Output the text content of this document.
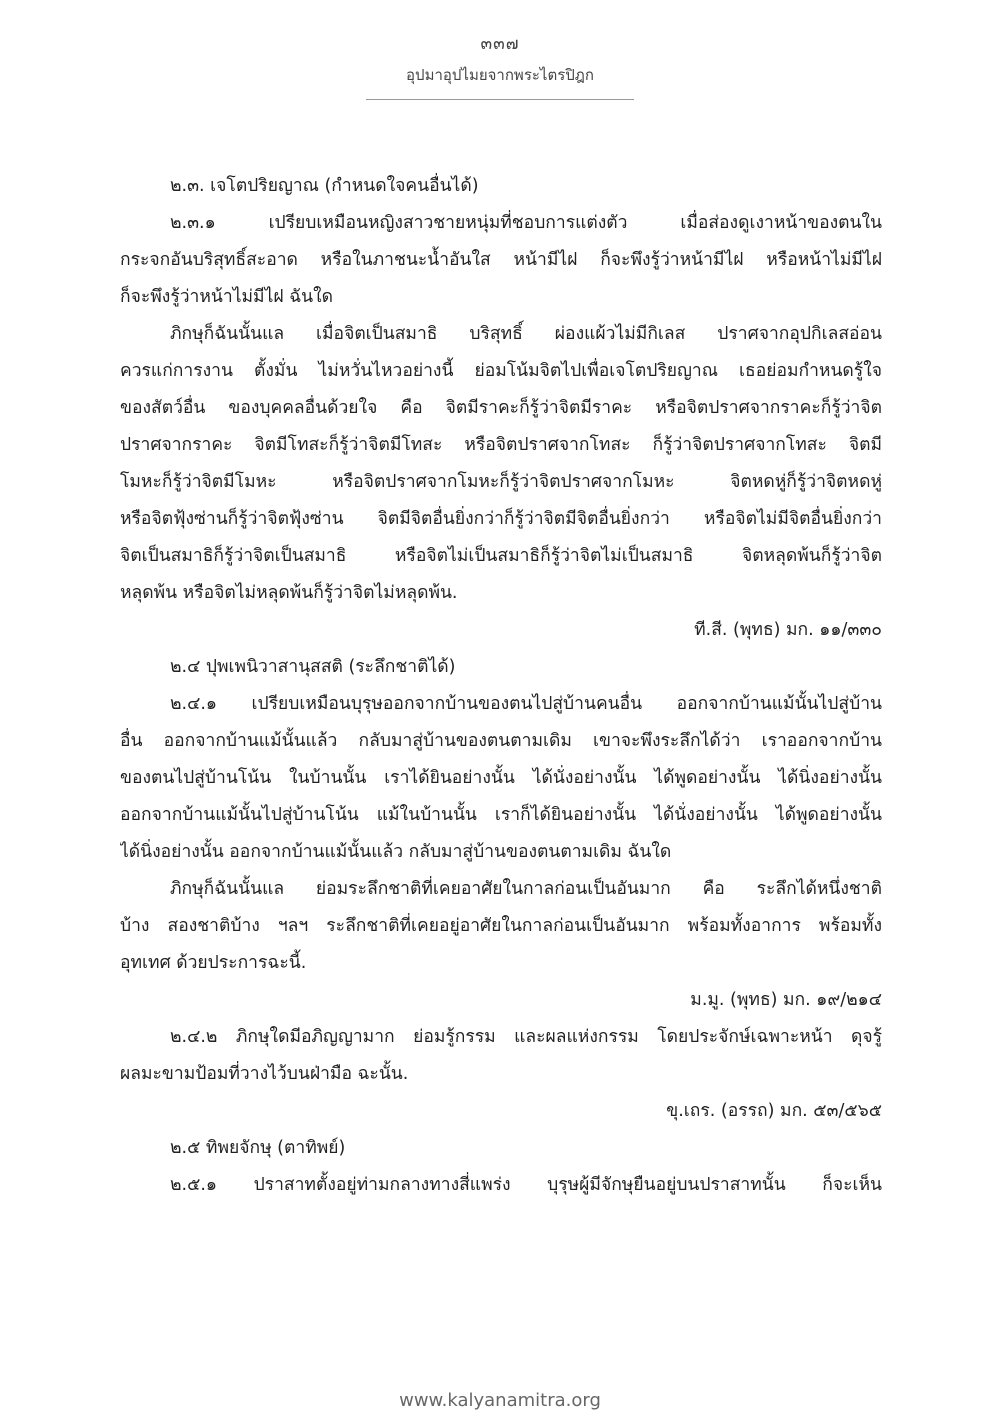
๓๓๗
อุปมาอุปไมยจากพระไตรปิฎก
๒.๓. เจโตปริยญาณ (กำหนดใจคนอื่นได้)
๒.๓.๑ เปรียบเหมือนหญิงสาวชายหนุ่มที่ชอบการแต่งตัว เมื่อส่องดูเงาหน้าของตนใน
กระจกอันบริสุทธิ์สะอาด หรือในภาชนะน้ำอันใส หน้ามีไฝ ก็จะพึงรู้ว่าหน้ามีไฝ หรือหน้าไม่มีไฝ
ก็จะพึงรู้ว่าหน้าไม่มีไฝ ฉันใด
ภิกษุก็ฉันนั้นแล เมื่อจิตเป็นสมาธิ บริสุทธิ์ ผ่องแผ้วไม่มีกิเลส ปราศจากอุปกิเลสอ่อน
ควรแก่การงาน ตั้งมั่น ไม่หวั่นไหวอย่างนี้ ย่อมโน้มจิตไปเพื่อเจโตปริยญาณ เธอย่อมกำหนดรู้ใจ
ของสัตว์อื่น ของบุคคลอื่นด้วยใจ คือ จิตมีราคะก็รู้ว่าจิตมีราคะ หรือจิตปราศจากราคะก็รู้ว่าจิต
ปราศจากราคะ จิตมีโทสะก็รู้ว่าจิตมีโทสะ หรือจิตปราศจากโทสะ ก็รู้ว่าจิตปราศจากโทสะ จิตมี
โมหะก็รู้ว่าจิตมีโมหะ หรือจิตปราศจากโมหะก็รู้ว่าจิตปราศจากโมหะ จิตหดหู่ก็รู้ว่าจิตหดหู่
หรือจิตฟุ้งซ่านก็รู้ว่าจิตฟุ้งซ่าน จิตมีจิตอื่นยิ่งกว่าก็รู้ว่าจิตมีจิตอื่นยิ่งกว่า หรือจิตไม่มีจิตอื่นยิ่งกว่า
จิตเป็นสมาธิก็รู้ว่าจิตเป็นสมาธิ หรือจิตไม่เป็นสมาธิก็รู้ว่าจิตไม่เป็นสมาธิ จิตหลุดพ้นก็รู้ว่าจิต
หลุดพ้น หรือจิตไม่หลุดพ้นก็รู้ว่าจิตไม่หลุดพ้น.
ที.สี. (พุทธ) มก. ๑๑/๓๓๐
๒.๔ ปุพเพนิวาสานุสสติ (ระลึกชาติได้)
๒.๔.๑ เปรียบเหมือนบุรุษออกจากบ้านของตนไปสู่บ้านคนอื่น ออกจากบ้านแม้นั้นไปสู่บ้าน
อื่น ออกจากบ้านแม้นั้นแล้ว กลับมาสู่บ้านของตนตามเดิม เขาจะพึงระลึกได้ว่า เราออกจากบ้าน
ของตนไปสู่บ้านโน้น ในบ้านนั้น เราได้ยินอย่างนั้น ได้นั่งอย่างนั้น ได้พูดอย่างนั้น ได้นิ่งอย่างนั้น
ออกจากบ้านแม้นั้นไปสู่บ้านโน้น แม้ในบ้านนั้น เราก็ได้ยินอย่างนั้น ได้นั่งอย่างนั้น ได้พูดอย่างนั้น
ได้นิ่งอย่างนั้น ออกจากบ้านแม้นั้นแล้ว กลับมาสู่บ้านของตนตามเดิม ฉันใด
ภิกษุก็ฉันนั้นแล ย่อมระลึกชาติที่เคยอาศัยในกาลก่อนเป็นอันมาก คือ ระลึกได้หนึ่งชาติ
บ้าง สองชาติบ้าง ฯลฯ ระลึกชาติที่เคยอยู่อาศัยในกาลก่อนเป็นอันมาก พร้อมทั้งอาการ พร้อมทั้ง
อุทเทศ ด้วยประการฉะนี้.
ม.มู. (พุทธ) มก. ๑๙/๒๑๔
๒.๔.๒ ภิกษุใดมีอภิญญามาก ย่อมรู้กรรม และผลแห่งกรรม โดยประจักษ์เฉพาะหน้า ดุจรู้
ผลมะขามป้อมที่วางไว้บนฝ่ามือ ฉะนั้น.
ขุ.เถร. (อรรถ) มก. ๕๓/๕๖๕
๒.๕ ทิพยจักษุ (ตาทิพย์)
๒.๕.๑ ปราสาทตั้งอยู่ท่ามกลางทางสี่แพร่ง บุรุษผู้มีจักษุยืนอยู่บนปราสาทนั้น ก็จะเห็น
www.kalyanamitra.org
